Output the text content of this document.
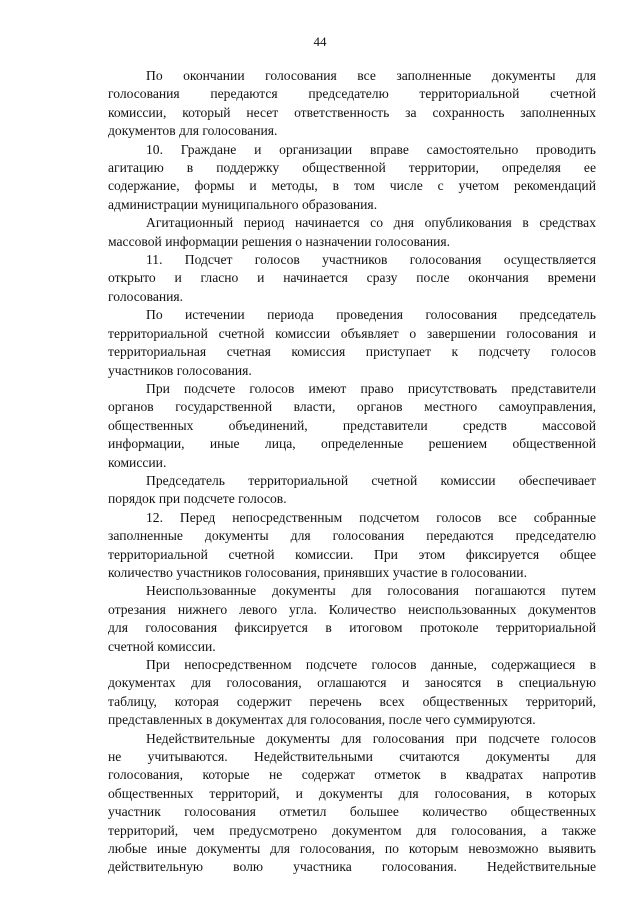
44
По окончании голосования все заполненные документы для
голосования передаются председателю территориальной счетной
комиссии, который несет ответственность за сохранность заполненных
документов для голосования.
10. Граждане и организации вправе самостоятельно проводить
агитацию в поддержку общественной территории, определяя ее
содержание, формы и методы, в том числе с учетом рекомендаций
администрации муниципального образования.
Агитационный период начинается со дня опубликования в средствах
массовой информации решения о назначении голосования.
11. Подсчет голосов участников голосования осуществляется
открыто и гласно и начинается сразу после окончания времени
голосования.
По истечении периода проведения голосования председатель
территориальной счетной комиссии объявляет о завершении голосования и
территориальная счетная комиссия приступает к подсчету голосов
участников голосования.
При подсчете голосов имеют право присутствовать представители
органов государственной власти, органов местного самоуправления,
общественных объединений, представители средств массовой
информации, иные лица, определенные решением общественной
комиссии.
Председатель территориальной счетной комиссии обеспечивает
порядок при подсчете голосов.
12. Перед непосредственным подсчетом голосов все собранные
заполненные документы для голосования передаются председателю
территориальной счетной комиссии. При этом фиксируется общее
количество участников голосования, принявших участие в голосовании.
Неиспользованные документы для голосования погашаются путем
отрезания нижнего левого угла. Количество неиспользованных документов
для голосования фиксируется в итоговом протоколе территориальной
счетной комиссии.
При непосредственном подсчете голосов данные, содержащиеся в
документах для голосования, оглашаются и заносятся в специальную
таблицу, которая содержит перечень всех общественных территорий,
представленных в документах для голосования, после чего суммируются.
Недействительные документы для голосования при подсчете голосов
не учитываются. Недействительными считаются документы для
голосования, которые не содержат отметок в квадратах напротив
общественных территорий, и документы для голосования, в которых
участник голосования отметил большее количество общественных
территорий, чем предусмотрено документом для голосования, а также
любые иные документы для голосования, по которым невозможно выявить
действительную волю участника голосования. Недействительные
